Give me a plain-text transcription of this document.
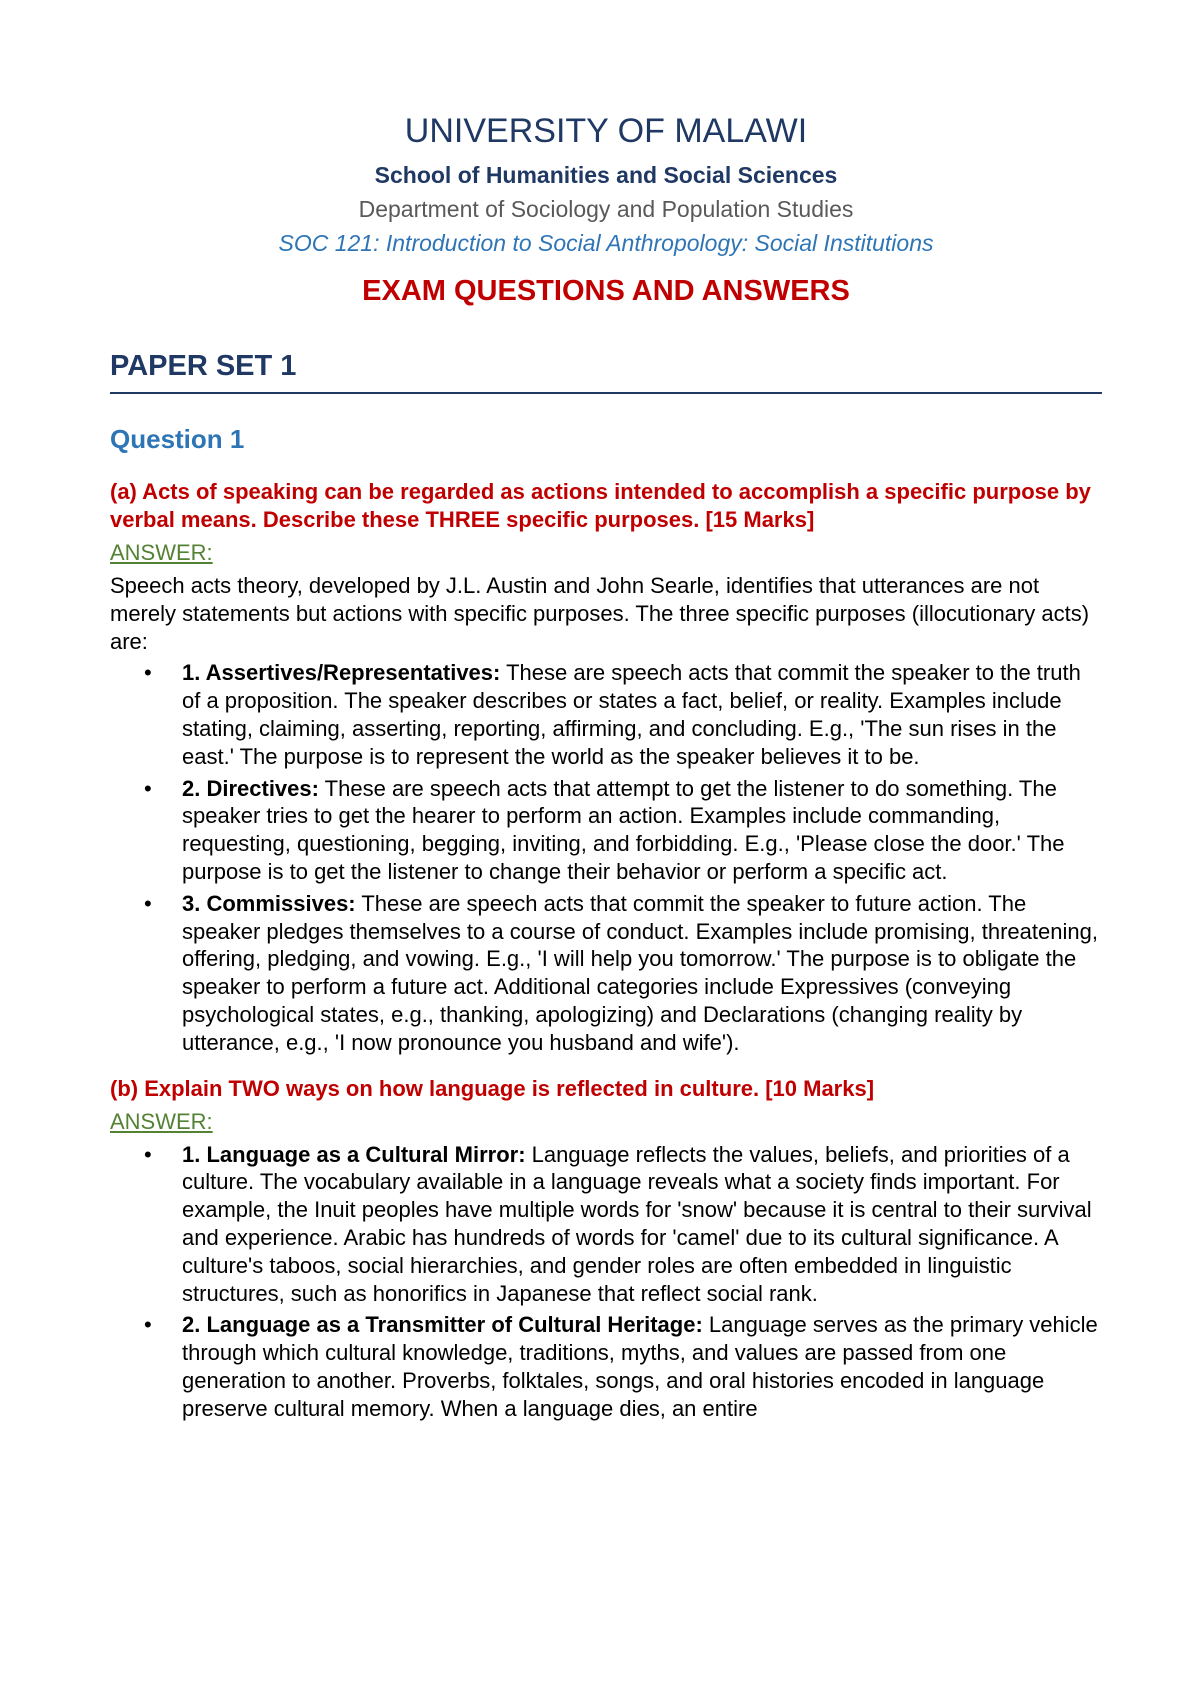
UNIVERSITY OF MALAWI
School of Humanities and Social Sciences
Department of Sociology and Population Studies
SOC 121: Introduction to Social Anthropology: Social Institutions
EXAM QUESTIONS AND ANSWERS
PAPER SET 1
Question 1
(a) Acts of speaking can be regarded as actions intended to accomplish a specific purpose by verbal means. Describe these THREE specific purposes. [15 Marks]
ANSWER:
Speech acts theory, developed by J.L. Austin and John Searle, identifies that utterances are not merely statements but actions with specific purposes. The three specific purposes (illocutionary acts) are:
• 1. Assertives/Representatives: These are speech acts that commit the speaker to the truth of a proposition. The speaker describes or states a fact, belief, or reality. Examples include stating, claiming, asserting, reporting, affirming, and concluding. E.g., 'The sun rises in the east.' The purpose is to represent the world as the speaker believes it to be.
• 2. Directives: These are speech acts that attempt to get the listener to do something. The speaker tries to get the hearer to perform an action. Examples include commanding, requesting, questioning, begging, inviting, and forbidding. E.g., 'Please close the door.' The purpose is to get the listener to change their behavior or perform a specific act.
• 3. Commissives: These are speech acts that commit the speaker to future action. The speaker pledges themselves to a course of conduct. Examples include promising, threatening, offering, pledging, and vowing. E.g., 'I will help you tomorrow.' The purpose is to obligate the speaker to perform a future act. Additional categories include Expressives (conveying psychological states, e.g., thanking, apologizing) and Declarations (changing reality by utterance, e.g., 'I now pronounce you husband and wife').
(b) Explain TWO ways on how language is reflected in culture. [10 Marks]
ANSWER:
• 1. Language as a Cultural Mirror: Language reflects the values, beliefs, and priorities of a culture. The vocabulary available in a language reveals what a society finds important. For example, the Inuit peoples have multiple words for 'snow' because it is central to their survival and experience. Arabic has hundreds of words for 'camel' due to its cultural significance. A culture's taboos, social hierarchies, and gender roles are often embedded in linguistic structures, such as honorifics in Japanese that reflect social rank.
• 2. Language as a Transmitter of Cultural Heritage: Language serves as the primary vehicle through which cultural knowledge, traditions, myths, and values are passed from one generation to another. Proverbs, folktales, songs, and oral histories encoded in language preserve cultural memory. When a language dies, an entire
